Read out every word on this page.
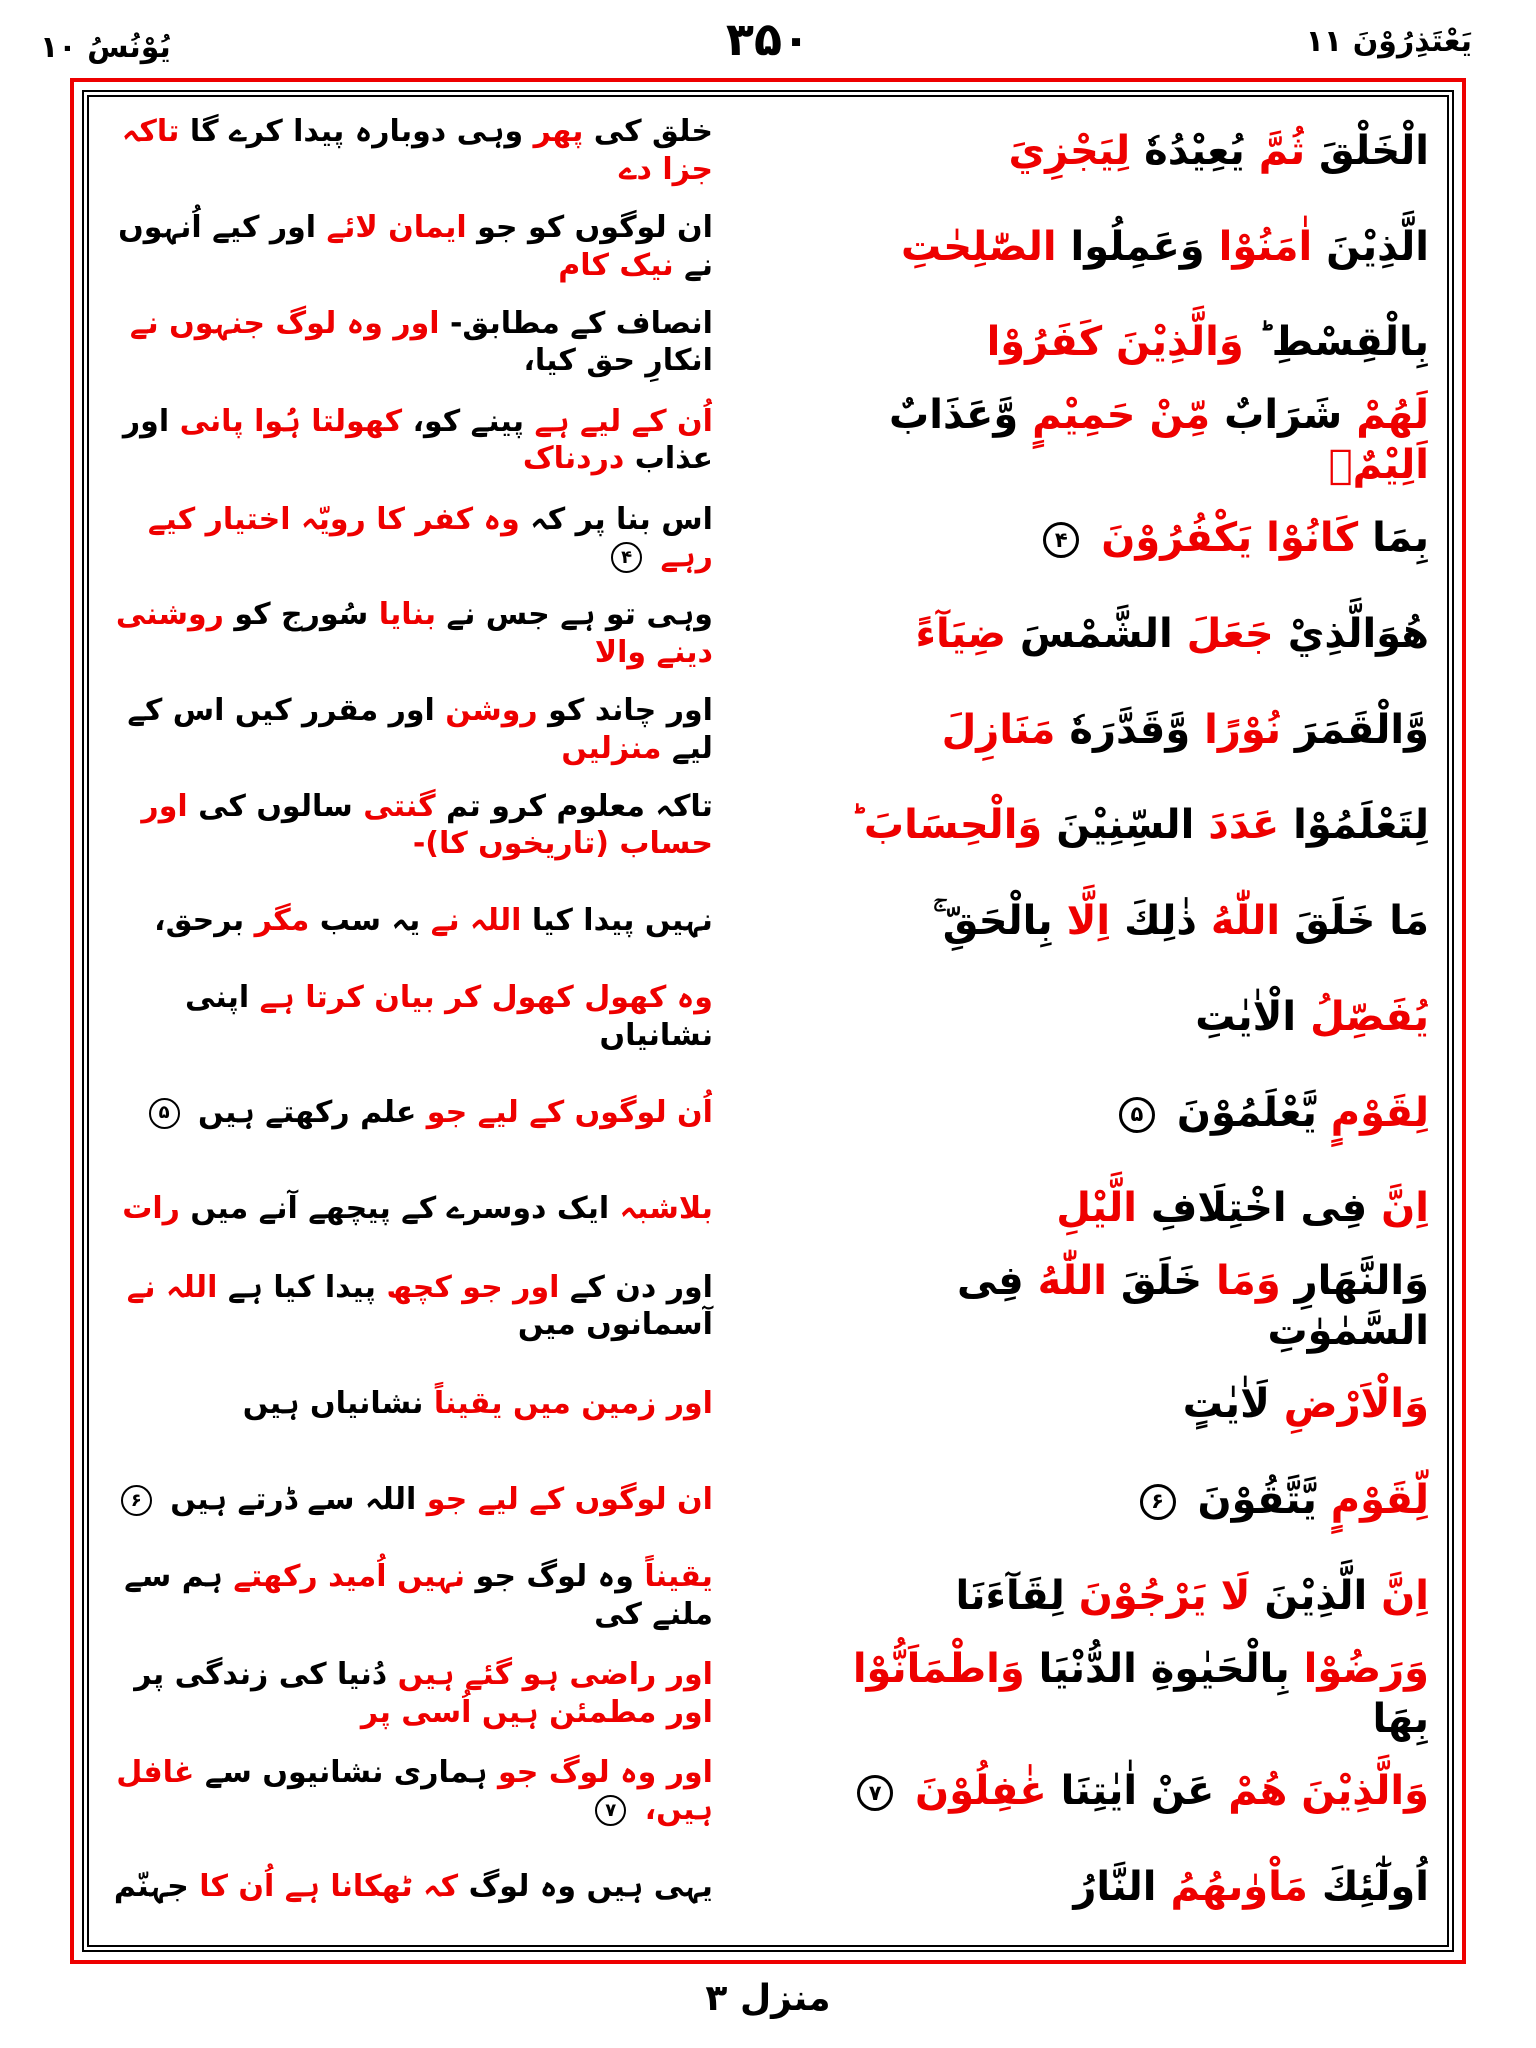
یَعْتَذِرُوْنَ ۱۱
۳۵۰
یُوْنُسُ ۱۰
الْخَلْقَ ثُمَّ يُعِيْدُهٗ لِيَجْزِيَ
خلق کی پھر وہی دوبارہ پیدا کرے گا تاکہ جزا دے
الَّذِيْنَ اٰمَنُوْا وَعَمِلُوا الصّٰلِحٰتِ
ان لوگوں کو جو ایمان لائے اور کیے اُنہوں نے نیک کام
بِالْقِسْطِ ؕ وَالَّذِيْنَ كَفَرُوْا
انصاف کے مطابق- اور وہ لوگ جنہوں نے انکارِ حق کیا،
لَهُمْ شَرَابٌ مِّنْ حَمِيْمٍ وَّعَذَابٌ اَلِيْمٌۢ
اُن کے لیے ہے پینے کو، کھولتا ہُوا پانی اور عذاب دردناک
بِمَا كَانُوْا يَكْفُرُوْنَ ۴
اس بنا پر کہ وہ کفر کا رویّہ اختیار کیے رہے ۴
هُوَالَّذِيْ جَعَلَ الشَّمْسَ ضِيَآءً
وہی تو ہے جس نے بنایا سُورج کو روشنی دینے والا
وَّالْقَمَرَ نُوْرًا وَّقَدَّرَهٗ مَنَازِلَ
اور چاند کو روشن اور مقرر کیں اس کے لیے منزلیں
لِتَعْلَمُوْا عَدَدَ السِّنِيْنَ وَالْحِسَابَ ؕ
تاکہ معلوم کرو تم گنتی سالوں کی اور حساب (تاریخوں کا)-
مَا خَلَقَ اللّٰهُ ذٰلِكَ اِلَّا بِالْحَقِّ ۚ
نہیں پیدا کیا اللہ نے یہ سب مگر برحق،
يُفَصِّلُ الْاٰيٰتِ
وہ کھول کھول کر بیان کرتا ہے اپنی نشانیاں
لِقَوْمٍ يَّعْلَمُوْنَ ۵
اُن لوگوں کے لیے جو علم رکھتے ہیں ۵
اِنَّ فِى اخْتِلَافِ الَّيْلِ
بلاشبہ ایک دوسرے کے پیچھے آنے میں رات
وَالنَّهَارِ وَمَا خَلَقَ اللّٰهُ فِى السَّمٰوٰتِ
اور دن کے اور جو کچھ پیدا کیا ہے اللہ نے آسمانوں میں
وَالْاَرْضِ لَاٰيٰتٍ
اور زمین میں یقیناً نشانیاں ہیں
لِّقَوْمٍ يَّتَّقُوْنَ ۶
ان لوگوں کے لیے جو اللہ سے ڈرتے ہیں ۶
اِنَّ الَّذِيْنَ لَا يَرْجُوْنَ لِقَآءَنَا
یقیناً وہ لوگ جو نہیں اُمید رکھتے ہم سے ملنے کی
وَرَضُوْا بِالْحَيٰوةِ الدُّنْيَا وَاطْمَاَنُّوْا بِهَا
اور راضی ہو گئے ہیں دُنیا کی زندگی پر اور مطمئن ہیں اُسی پر
وَالَّذِيْنَ هُمْ عَنْ اٰيٰتِنَا غٰفِلُوْنَ ۷
اور وہ لوگ جو ہماری نشانیوں سے غافل ہیں، ۷
اُولٰٓئِكَ مَاْوٰىهُمُ النَّارُ
یہی ہیں وہ لوگ کہ ٹھکانا ہے اُن کا جہنّم
منزل ۳
